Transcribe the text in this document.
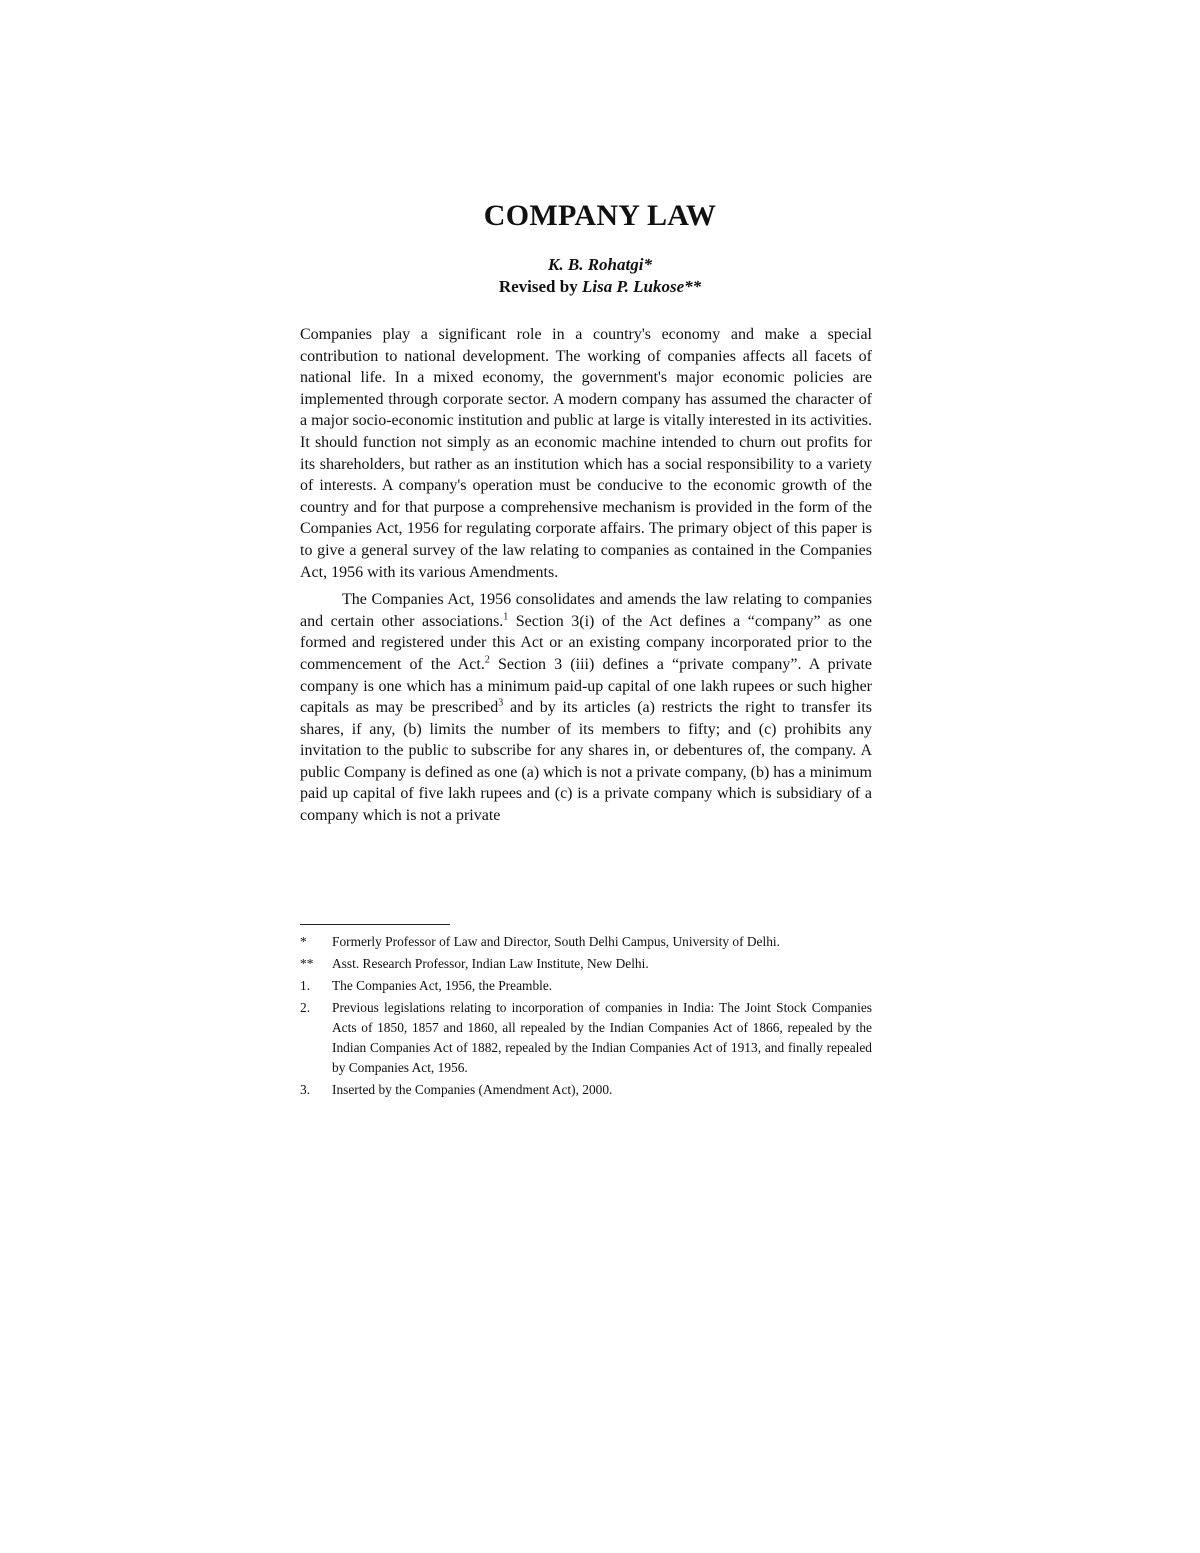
COMPANY LAW
K. B. Rohatgi*
Revised by Lisa P. Lukose**

Companies play a significant role in a country's economy and make a special contribution to national development. The working of companies affects all facets of national life. In a mixed economy, the government's major economic policies are implemented through corporate sector. A modern company has assumed the character of a major socio-economic institution and public at large is vitally interested in its activities. It should function not simply as an economic machine intended to churn out profits for its shareholders, but rather as an institution which has a social responsibility to a variety of interests. A company's operation must be conducive to the economic growth of the country and for that purpose a comprehensive mechanism is provided in the form of the Companies Act, 1956 for regulating corporate affairs. The primary object of this paper is to give a general survey of the law relating to companies as contained in the Companies Act, 1956 with its various Amendments.

The Companies Act, 1956 consolidates and amends the law relating to companies and certain other associations.$^1$ Section 3(i) of the Act defines a “company” as one formed and registered under this Act or an existing company incorporated prior to the commencement of the Act.$^2$ Section 3 (iii) defines a “private company”. A private company is one which has a minimum paid-up capital of one lakh rupees or such higher capitals as may be prescribed$^3$ and by its articles (a) restricts the right to transfer its shares, if any, (b) limits the number of its members to fifty; and (c) prohibits any invitation to the public to subscribe for any shares in, or debentures of, the company. A public Company is defined as one (a) which is not a private company, (b) has a minimum paid up capital of five lakh rupees and (c) is a private company which is subsidiary of a company which is not a private

*	Formerly Professor of Law and Director, South Delhi Campus, University of Delhi.
**	Asst. Research Professor, Indian Law Institute, New Delhi.
1.	The Companies Act, 1956, the Preamble.
2.	Previous legislations relating to incorporation of companies in India: The Joint Stock Companies Acts of 1850, 1857 and 1860, all repealed by the Indian Companies Act of 1866, repealed by the Indian Companies Act of 1882, repealed by the Indian Companies Act of 1913, and finally repealed by Companies Act, 1956.
3.	Inserted by the Companies (Amendment Act), 2000.
